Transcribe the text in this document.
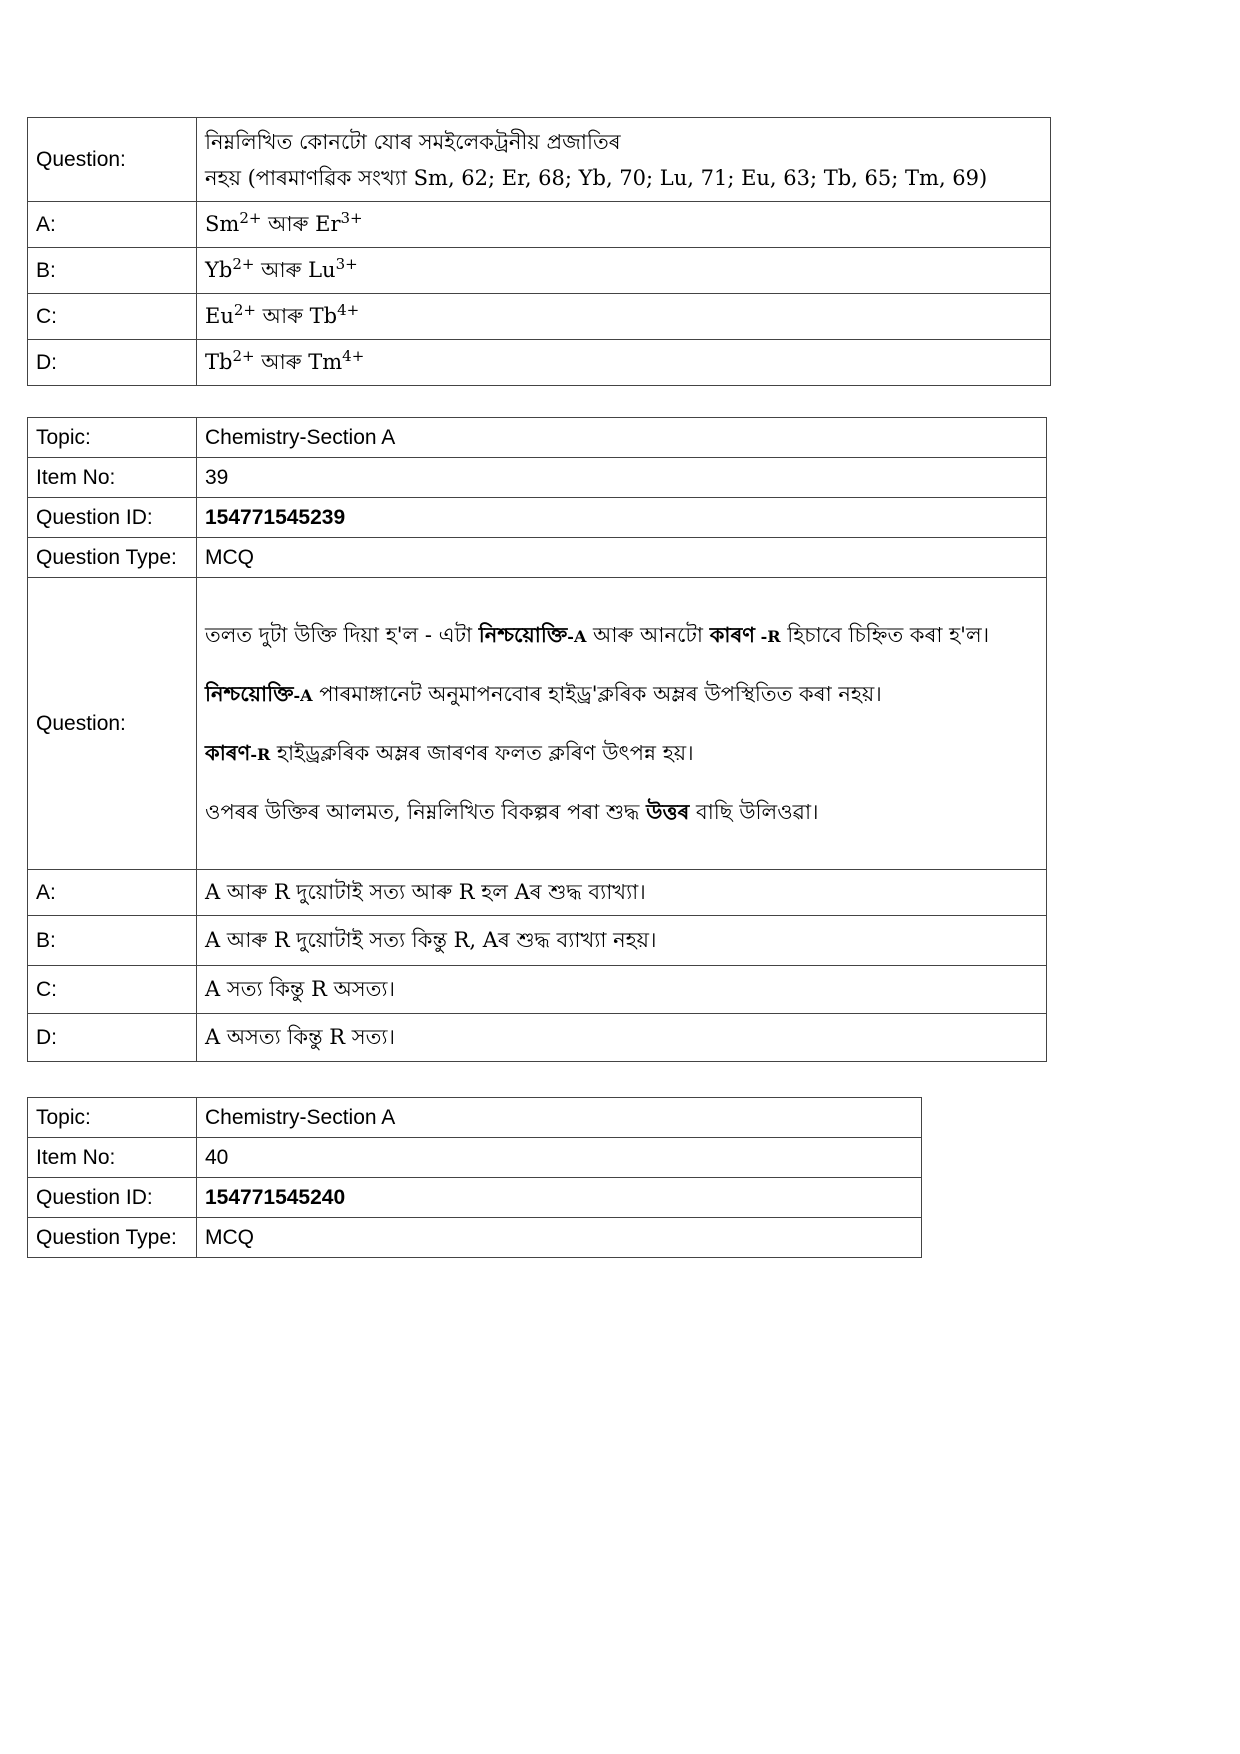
Question:	নিম্নলিখিত কোনটো যোৰ সমইলেকট্ৰনীয় প্ৰজাতিৰ
নহয় (পাৰমাণৱিক সংখ্যা Sm, 62; Er, 68; Yb, 70; Lu, 71; Eu, 63; Tb, 65; Tm, 69)

A:	$Sm^{2+}$ আৰু $Er^{3+}$
B:	$Yb^{2+}$ আৰু $Lu^{3+}$
C:	$Eu^{2+}$ আৰু $Tb^{4+}$
D:	$Tb^{2+}$ আৰু $Tm^{4+}$
Topic:	Chemistry-Section A
Item No:	39
Question ID:	154771545239
Question Type:	MCQ
Question:	তলত দুটা উক্তি দিয়া হ'ল - এটা নিশ্চয়োক্তি-A আৰু আনটো কাৰণ -R হিচাবে চিহ্নিত কৰা হ'ল।

নিশ্চয়োক্তি-A পাৰমাঙ্গানেট অনুমাপনবোৰ হাইড্ৰ'ক্লৰিক অম্লৰ উপস্থিতিত কৰা নহয়।

কাৰণ-R হাইড্ৰক্লৰিক অম্লৰ জাৰণৰ ফলত ক্লৰিণ উৎপন্ন হয়।

ওপৰৰ উক্তিৰ আলমত, নিম্নলিখিত বিকল্পৰ পৰা শুদ্ধ উত্তৰ বাছি উলিওৱা।

A:	A আৰু R দুয়োটাই সত্য আৰু R হল Aৰ শুদ্ধ ব্যাখ্যা।
B:	A আৰু R দুয়োটাই সত্য কিন্তু R, Aৰ শুদ্ধ ব্যাখ্যা নহয়।
C:	A সত্য কিন্তু R অসত্য।
D:	A অসত্য কিন্তু R সত্য।
Topic:	Chemistry-Section A
Item No:	40
Question ID:	154771545240
Question Type:	MCQ
